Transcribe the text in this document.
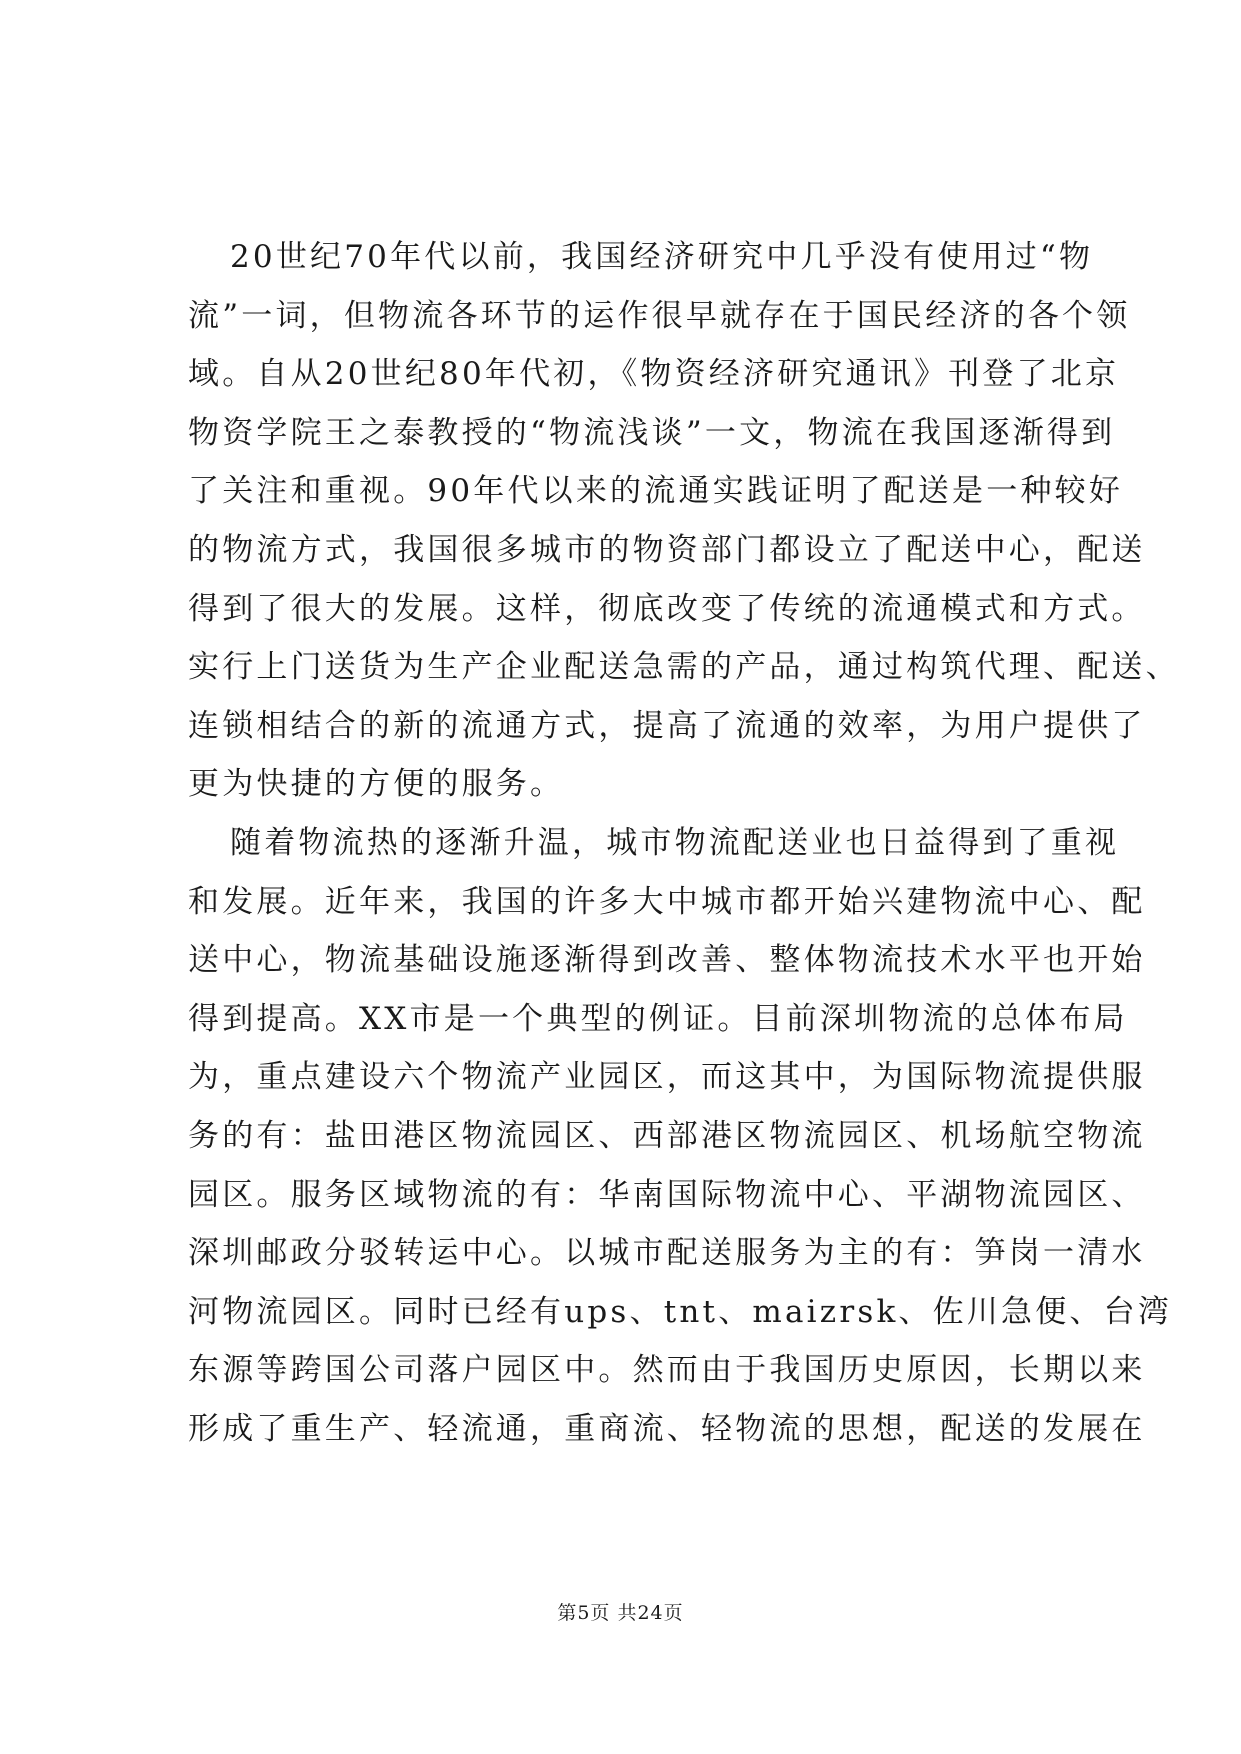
20世纪70年代以前，我国经济研究中几乎没有使用过“物
流”一词，但物流各环节的运作很早就存在于国民经济的各个领
域。自从20世纪80年代初，《物资经济研究通讯》刊登了北京
物资学院王之泰教授的“物流浅谈”一文，物流在我国逐渐得到
了关注和重视。90年代以来的流通实践证明了配送是一种较好
的物流方式，我国很多城市的物资部门都设立了配送中心，配送
得到了很大的发展。这样，彻底改变了传统的流通模式和方式。
实行上门送货为生产企业配送急需的产品，通过构筑代理、配送、
连锁相结合的新的流通方式，提高了流通的效率，为用户提供了
更为快捷的方便的服务。
随着物流热的逐渐升温，城市物流配送业也日益得到了重视
和发展。近年来，我国的许多大中城市都开始兴建物流中心、配
送中心，物流基础设施逐渐得到改善、整体物流技术水平也开始
得到提高。XX市是一个典型的例证。目前深圳物流的总体布局
为，重点建设六个物流产业园区，而这其中，为国际物流提供服
务的有：盐田港区物流园区、西部港区物流园区、机场航空物流
园区。服务区域物流的有：华南国际物流中心、平湖物流园区、
深圳邮政分驳转运中心。以城市配送服务为主的有：笋岗一清水
河物流园区。同时已经有ups、tnt、maizrsk、佐川急便、台湾
东源等跨国公司落户园区中。然而由于我国历史原因，长期以来
形成了重生产、轻流通，重商流、轻物流的思想，配送的发展在
第5页 共24页
